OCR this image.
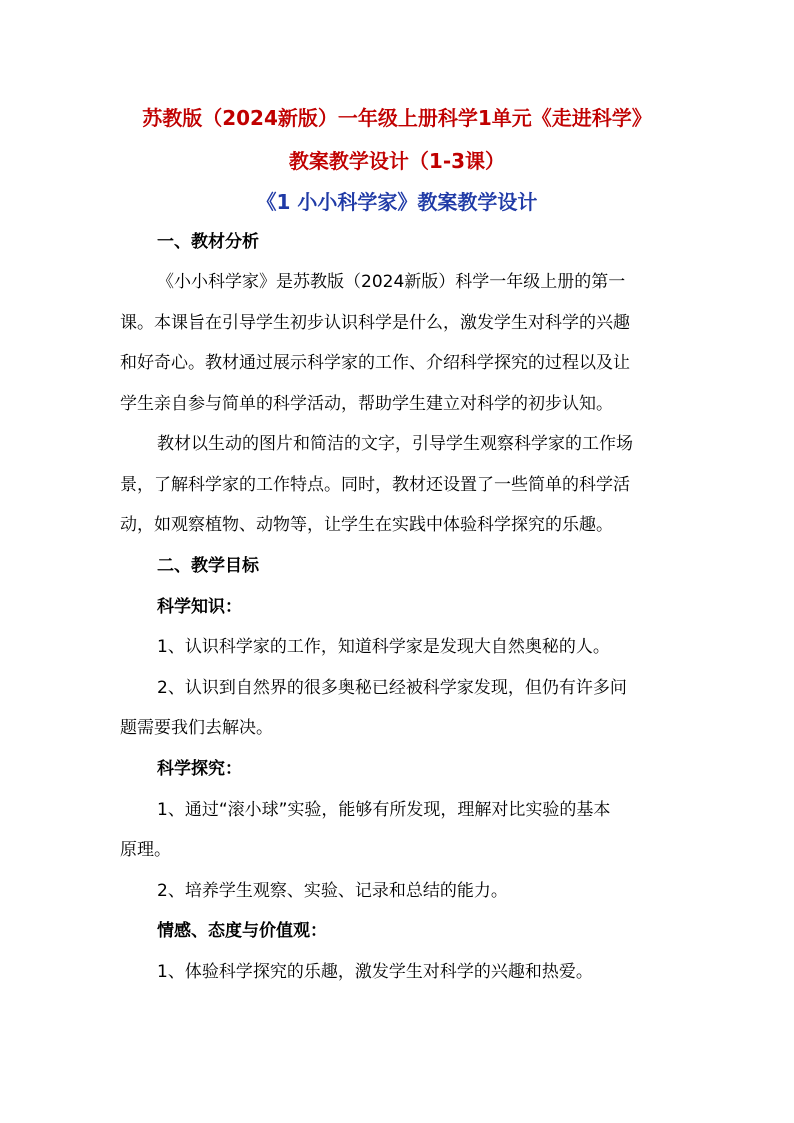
苏教版（2024新版）一年级上册科学1单元《走进科学》
教案教学设计（1-3课）
《1 小小科学家》教案教学设计
一、教材分析
《小小科学家》是苏教版（2024新版）科学一年级上册的第一
课。本课旨在引导学生初步认识科学是什么，激发学生对科学的兴趣
和好奇心。教材通过展示科学家的工作、介绍科学探究的过程以及让
学生亲自参与简单的科学活动，帮助学生建立对科学的初步认知。
教材以生动的图片和简洁的文字，引导学生观察科学家的工作场
景，了解科学家的工作特点。同时，教材还设置了一些简单的科学活
动，如观察植物、动物等，让学生在实践中体验科学探究的乐趣。
二、教学目标
科学知识：
1、认识科学家的工作，知道科学家是发现大自然奥秘的人。
2、认识到自然界的很多奥秘已经被科学家发现，但仍有许多问
题需要我们去解决。
科学探究：
1、通过“滚小球”实验，能够有所发现，理解对比实验的基本
原理。
2、培养学生观察、实验、记录和总结的能力。
情感、态度与价值观：
1、体验科学探究的乐趣，激发学生对科学的兴趣和热爱。
